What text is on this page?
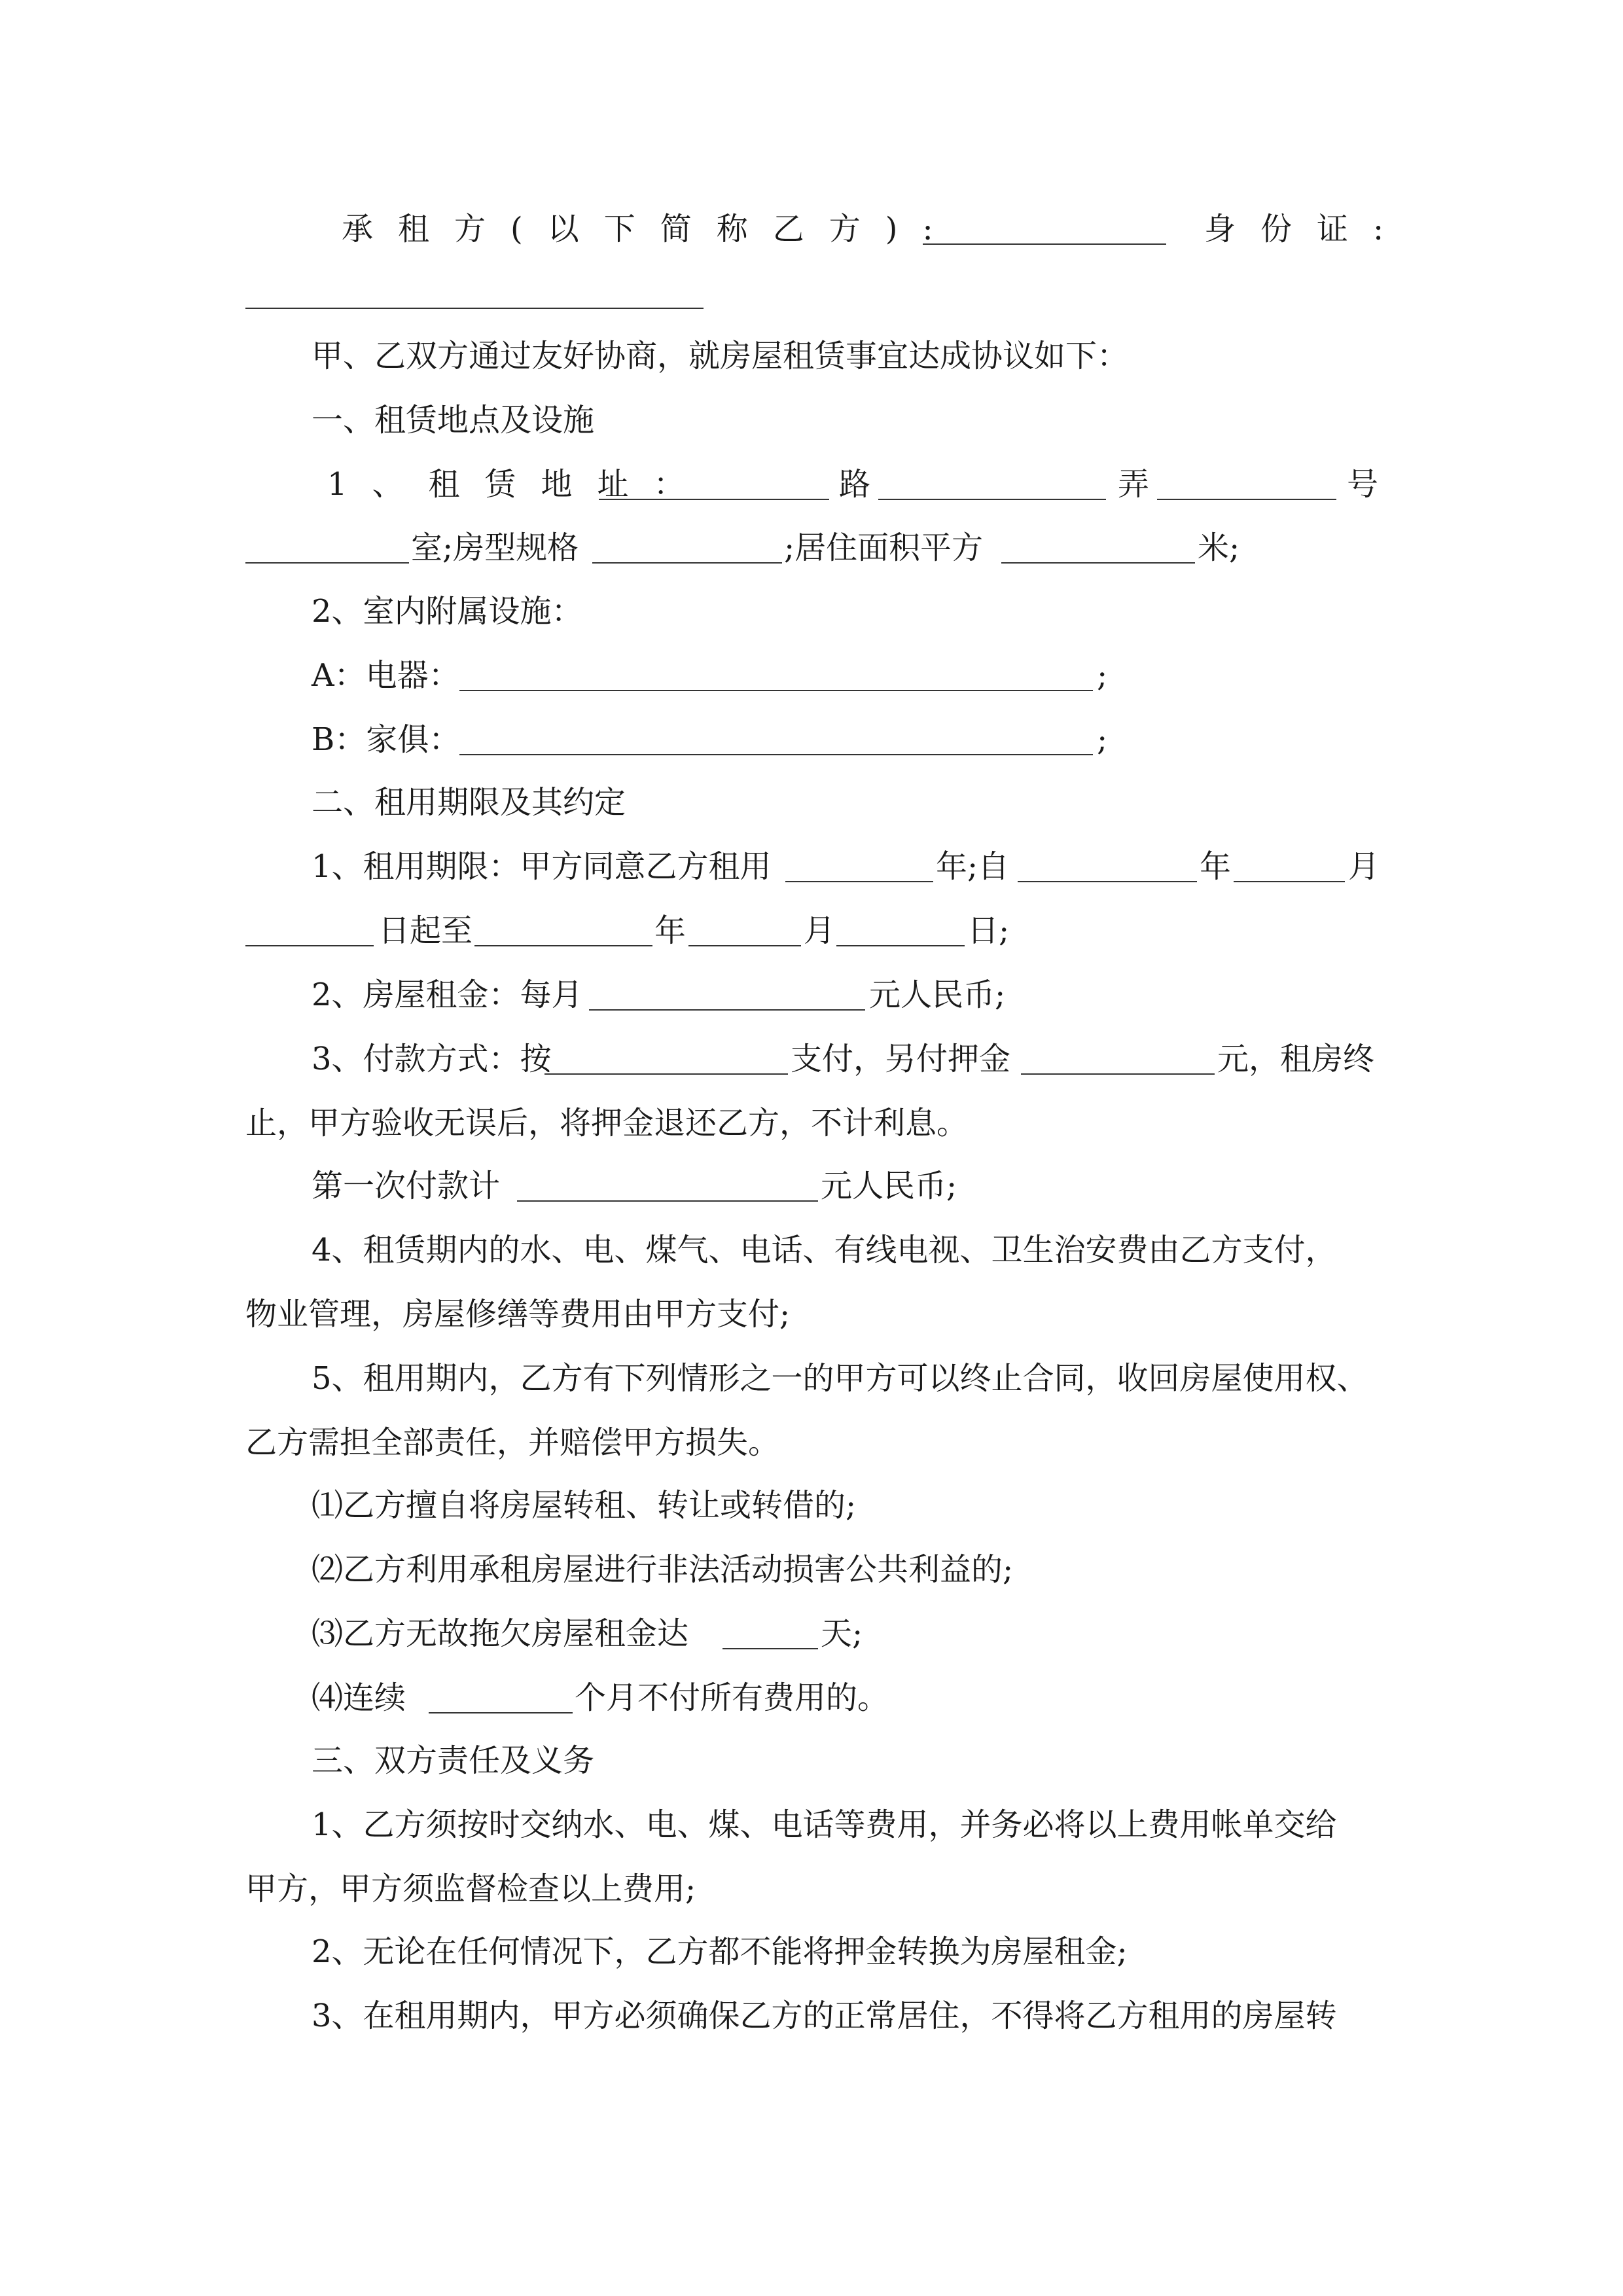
承租方(以下简称乙方):	身份证:
甲、乙双方通过友好协商，就房屋租赁事宜达成协议如下：
一、租赁地点及设施
1、租赁地址：	路	弄	号
室;房型规格	;居住面积平方	米;
2、室内附属设施：
A：电器：	;
B：家俱：	;
二、租用期限及其约定
1、租用期限：甲方同意乙方租用	年;自	年	月
日起至	年	月	日;
2、房屋租金：每月	元人民币;
3、付款方式：按	支付，另付押金	元，租房终
止，甲方验收无误后，将押金退还乙方，不计利息。
第一次付款计	元人民币;
4、租赁期内的水、电、煤气、电话、有线电视、卫生治安费由乙方支付，
物业管理，房屋修缮等费用由甲方支付;
5、租用期内，乙方有下列情形之一的甲方可以终止合同，收回房屋使用权、
乙方需担全部责任，并赔偿甲方损失。
⑴乙方擅自将房屋转租、转让或转借的;
⑵乙方利用承租房屋进行非法活动损害公共利益的;
⑶乙方无故拖欠房屋租金达	天;
⑷连续	个月不付所有费用的。
三、双方责任及义务
1、乙方须按时交纳水、电、煤、电话等费用，并务必将以上费用帐单交给
甲方，甲方须监督检查以上费用;
2、无论在任何情况下，乙方都不能将押金转换为房屋租金;
3、在租用期内，甲方必须确保乙方的正常居住，不得将乙方租用的房屋转
